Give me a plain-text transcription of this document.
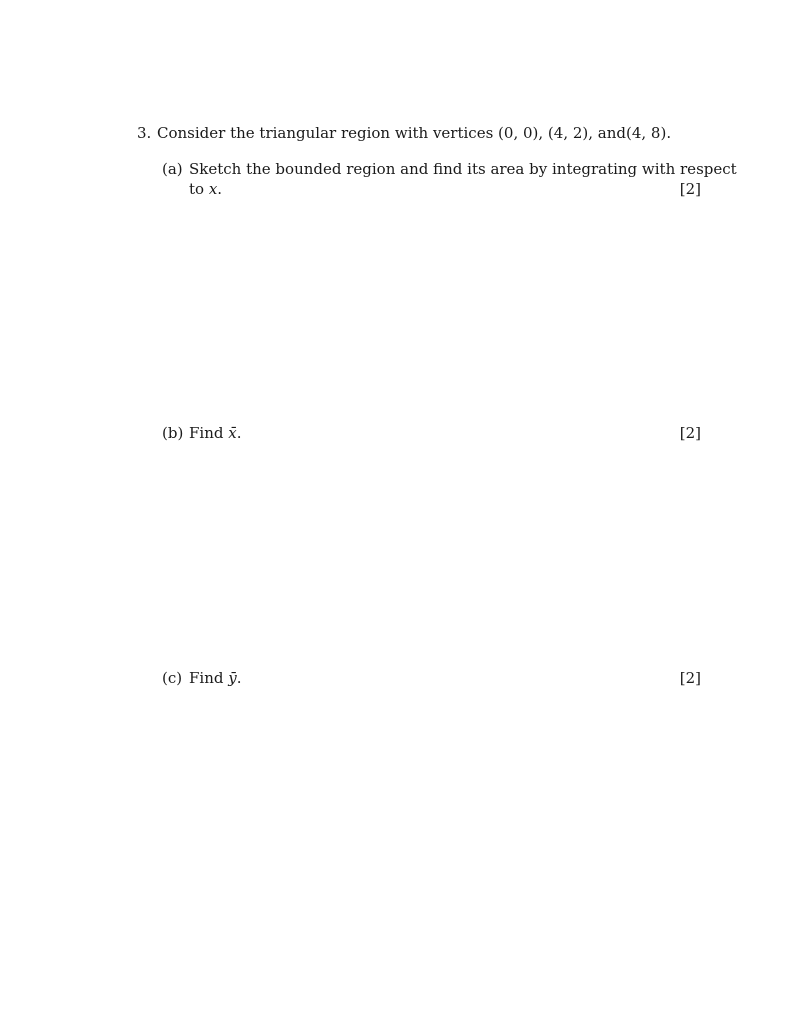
3. Consider the triangular region with vertices (0, 0), (4, 2), and(4, 8).
(a) Sketch the bounded region and find its area by integrating with respect
to x.	[2]
(b) Find x̄.	[2]
(c) Find ȳ.	[2]
